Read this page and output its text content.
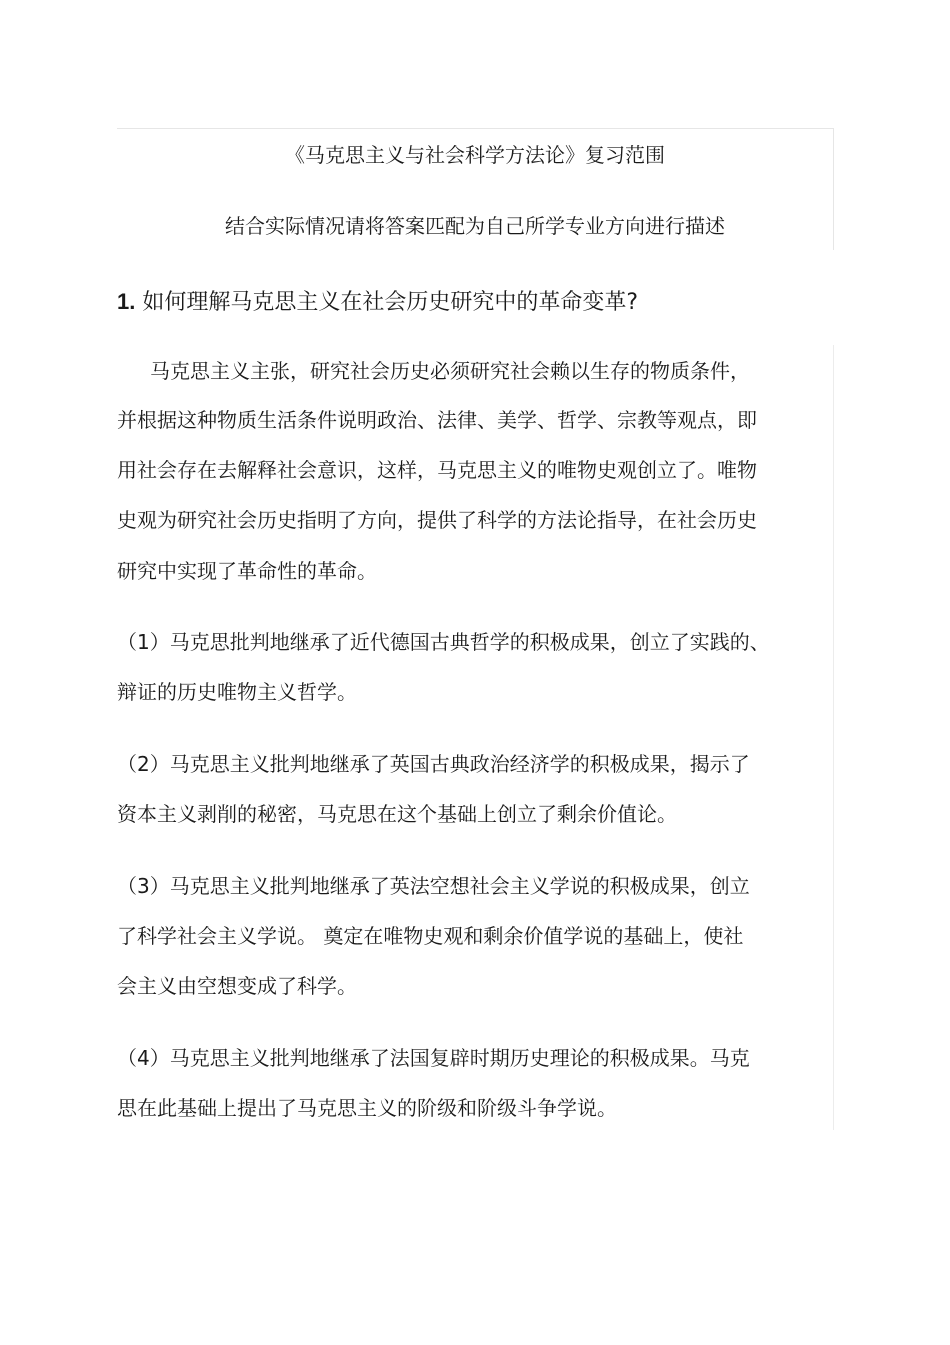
《马克思主义与社会科学方法论》复习范围
结合实际情况请将答案匹配为自己所学专业方向进行描述
1. 如何理解马克思主义在社会历史研究中的革命变革?
马克思主义主张，研究社会历史必须研究社会赖以生存的物质条件，
并根据这种物质生活条件说明政治、法律、美学、哲学、宗教等观点，即
用社会存在去解释社会意识，这样，马克思主义的唯物史观创立了。唯物
史观为研究社会历史指明了方向，提供了科学的方法论指导，在社会历史
研究中实现了革命性的革命。
（1）马克思批判地继承了近代德国古典哲学的积极成果，创立了实践的、
辩证的历史唯物主义哲学。
（2）马克思主义批判地继承了英国古典政治经济学的积极成果，揭示了
资本主义剥削的秘密，马克思在这个基础上创立了剩余价值论。
（3）马克思主义批判地继承了英法空想社会主义学说的积极成果，创立
了科学社会主义学说。 奠定在唯物史观和剩余价值学说的基础上，使社
会主义由空想变成了科学。
（4）马克思主义批判地继承了法国复辟时期历史理论的积极成果。马克
思在此基础上提出了马克思主义的阶级和阶级斗争学说。
